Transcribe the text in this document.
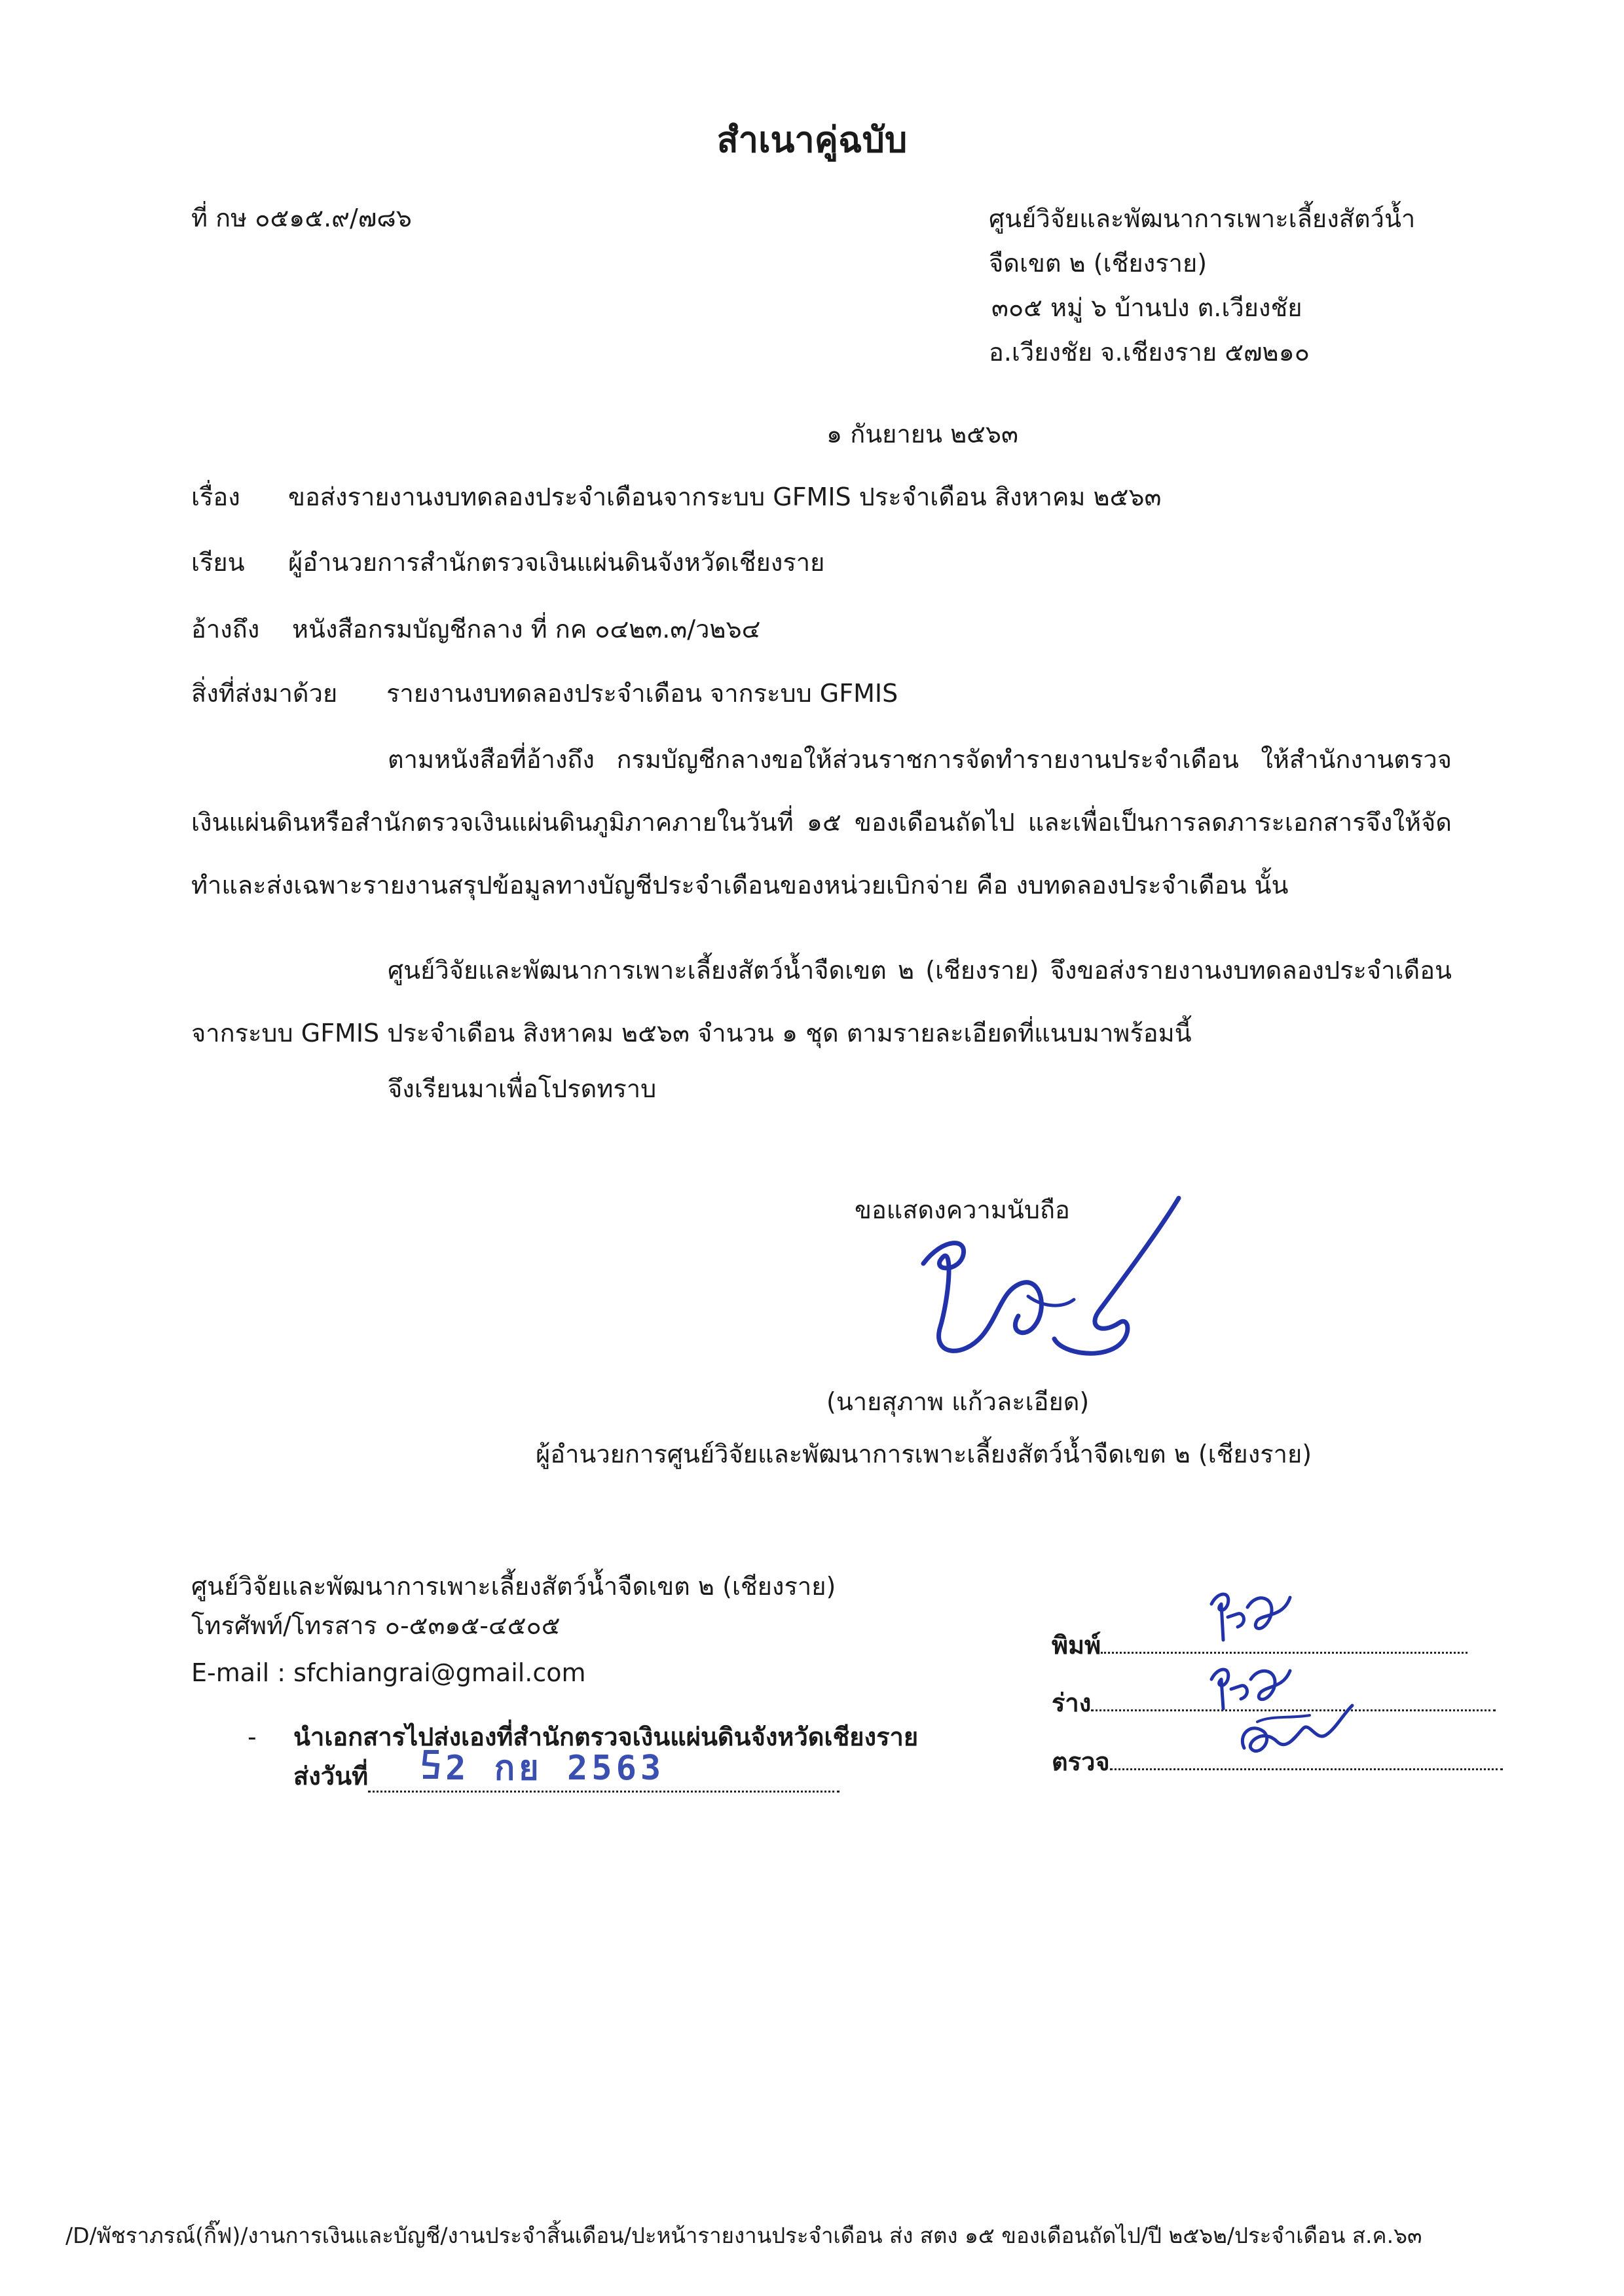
สำเนาคู่ฉบับ
ที่ กษ ๐๕๑๕.๙/๗๘๖	ศูนย์วิจัยและพัฒนาการเพาะเลี้ยงสัตว์น้ำ
จืดเขต ๒ (เชียงราย)
๓๐๕ หมู่ ๖ บ้านปง ต.เวียงชัย
อ.เวียงชัย จ.เชียงราย ๕๗๒๑๐
๑ กันยายน ๒๕๖๓
เรื่อง ขอส่งรายงานงบทดลองประจำเดือนจากระบบ GFMIS ประจำเดือน สิงหาคม ๒๕๖๓
เรียน ผู้อำนวยการสำนักตรวจเงินแผ่นดินจังหวัดเชียงราย
อ้างถึง หนังสือกรมบัญชีกลาง ที่ กค ๐๔๒๓.๓/ว๒๖๔
สิ่งที่ส่งมาด้วย รายงานงบทดลองประจำเดือน จากระบบ GFMIS

ตามหนังสือที่อ้างถึง กรมบัญชีกลางขอให้ส่วนราชการจัดทำรายงานประจำเดือน ให้สำนักงานตรวจเงินแผ่นดินหรือสำนักตรวจเงินแผ่นดินภูมิภาคภายในวันที่ ๑๕ ของเดือนถัดไป และเพื่อเป็นการลดภาระเอกสารจึงให้จัดทำและส่งเฉพาะรายงานสรุปข้อมูลทางบัญชีประจำเดือนของหน่วยเบิกจ่าย คือ งบทดลองประจำเดือน นั้น

ศูนย์วิจัยและพัฒนาการเพาะเลี้ยงสัตว์น้ำจืดเขต ๒ (เชียงราย) จึงขอส่งรายงานงบทดลองประจำเดือนจากระบบ GFMIS ประจำเดือน สิงหาคม ๒๕๖๓ จำนวน ๑ ชุด ตามรายละเอียดที่แนบมาพร้อมนี้

จึงเรียนมาเพื่อโปรดทราบ
ขอแสดงความนับถือ
(นายสุภาพ แก้วละเอียด)
ผู้อำนวยการศูนย์วิจัยและพัฒนาการเพาะเลี้ยงสัตว์น้ำจืดเขต ๒ (เชียงราย)
ศูนย์วิจัยและพัฒนาการเพาะเลี้ยงสัตว์น้ำจืดเขต ๒ (เชียงราย)
โทรศัพท์/โทรสาร ๐-๕๓๑๕-๔๕๐๕
E-mail : sfchiangrai@gmail.com
- นำเอกสารไปส่งเองที่สำนักตรวจเงินแผ่นดินจังหวัดเชียงราย
ส่งวันที่ 2 กย 2563
พิมพ์
ร่าง
ตรวจ
/D/พัชราภรณ์(กิ๊ฟ)/งานการเงินและบัญชี/งานประจำสิ้นเดือน/ปะหน้ารายงานประจำเดือน ส่ง สตง ๑๕ ของเดือนถัดไป/ปี ๒๕๖๒/ประจำเดือน ส.ค.๖๓
